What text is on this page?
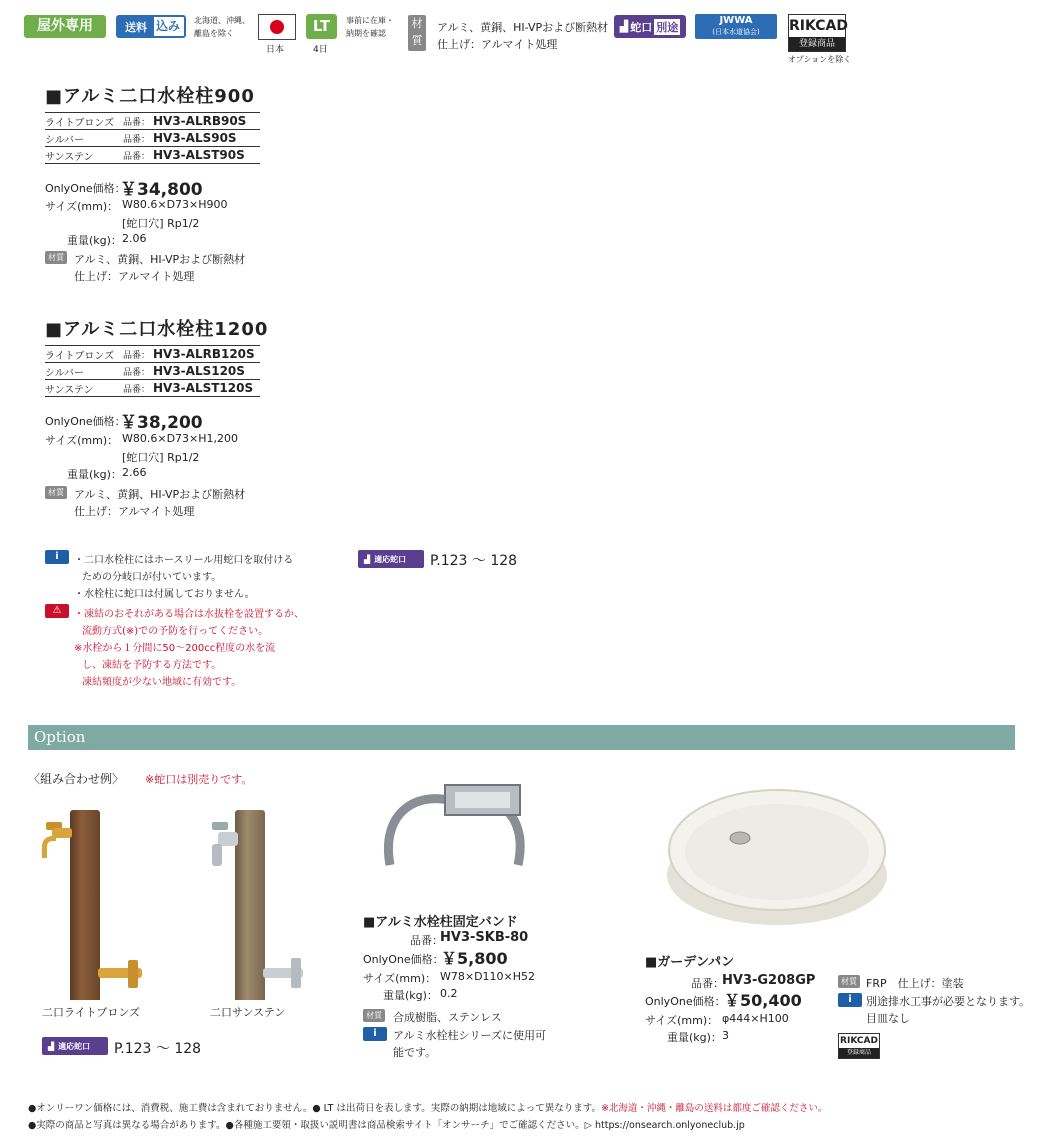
屋外専用	送料 込み 北海道、沖縄、
離島を除く
日本
LT
4日
事前に在庫・
納期を確認
材
質
アルミ、黄銅、HI-VPおよび断熱材
仕上げ：アルマイト処理
▟ 蛇口 別途	JWWA
(日本水道協会)	RIKCAD
登録商品
オプションを除く
■アルミ二口水栓柱900
ライトブロンズ 品番： HV3-ALRB90S
シルバー	品番： HV3-ALS90S
サンステン	品番： HV3-ALST90S
OnlyOne価格：
￥34,800
サイズ(mm)： W80.6×D73×H900
[蛇口穴] Rp1/2
重量(kg)： 2.06
材質 アルミ、黄銅、HI-VPおよび断熱材
仕上げ：アルマイト処理
■アルミ二口水栓柱1200
ライトブロンズ 品番： HV3-ALRB120S
シルバー	品番： HV3-ALS120S
サンステン	品番： HV3-ALST120S
OnlyOne価格：
￥38,200
サイズ(mm)： W80.6×D73×H1,200
[蛇口穴] Rp1/2
重量(kg)： 2.66
材質 アルミ、黄銅、HI-VPおよび断熱材
仕上げ：アルマイト処理
i	・二口水栓柱にはホースリール用蛇口を取付ける
ための分岐口が付いています。
・水栓柱に蛇口は付属しておりません。
⚠	・凍結のおそれがある場合は水抜栓を設置するか、
流動方式(※)での予防を行ってください。
※水栓から１分間に50～200cc程度の水を流
し、凍結を予防する方法です。
凍結頻度が少ない地域に有効です。
▟ 適応蛇口 P.123 ～ 128
Option
〈組み合わせ例〉 ※蛇口は別売りです。
二口ライトブロンズ	二口サンステン
▟ 適応蛇口 P.123 ～ 128
■アルミ水栓柱固定バンド
品番：
HV3-SKB-80
OnlyOne価格：
￥5,800
サイズ(mm)： W78×D110×H52
重量(kg)： 0.2
材質 合成樹脂、ステンレス
i	アルミ水栓柱シリーズに使用可
能です。
■ガーデンパン
品番：
HV3-G208GP
OnlyOne価格：
￥50,400
サイズ(mm)： φ444×H100
重量(kg)： 3
材質 FRP　仕上げ：塗装
i	別途排水工事が必要となります。
目皿なし
RIKCAD
登録商品
●オンリーワン価格には、消費税、施工費は含まれておりません。● LT は出荷日を表します。実際の納期は地域によって異なります。※北海道・沖縄・離島の送料は都度ご確認ください。
●実際の商品と写真は異なる場合があります。●各種施工要領・取扱い説明書は商品検索サイト「オンサーチ」でご確認ください。▷ https://onsearch.onlyoneclub.jp
